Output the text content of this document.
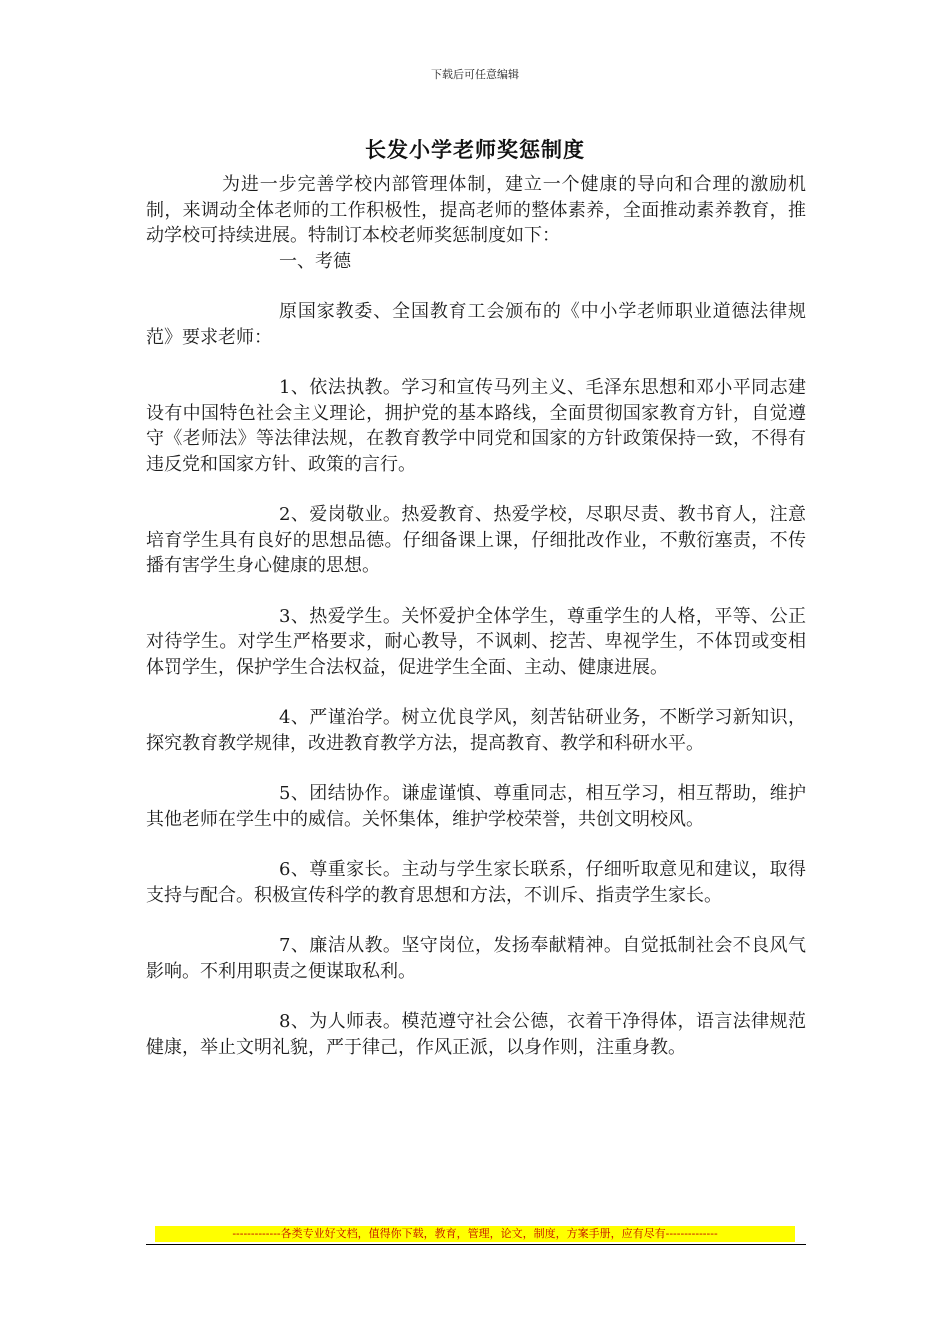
下载后可任意编辑
长发小学老师奖惩制度

为进一步完善学校内部管理体制，建立一个健康的导向和合理的激励机制，来调动全体老师的工作积极性，提高老师的整体素养，全面推动素养教育，推动学校可持续进展。特制订本校老师奖惩制度如下：

一、考德

原国家教委、全国教育工会颁布的《中小学老师职业道德法律规范》要求老师：

1、依法执教。学习和宣传马列主义、毛泽东思想和邓小平同志建设有中国特色社会主义理论，拥护党的基本路线，全面贯彻国家教育方针，自觉遵守《老师法》等法律法规，在教育教学中同党和国家的方针政策保持一致，不得有违反党和国家方针、政策的言行。

2、爱岗敬业。热爱教育、热爱学校，尽职尽责、教书育人，注意培育学生具有良好的思想品德。仔细备课上课，仔细批改作业，不敷衍塞责，不传播有害学生身心健康的思想。

3、热爱学生。关怀爱护全体学生，尊重学生的人格，平等、公正对待学生。对学生严格要求，耐心教导，不讽刺、挖苦、卑视学生，不体罚或变相体罚学生，保护学生合法权益，促进学生全面、主动、健康进展。

4、严谨治学。树立优良学风，刻苦钻研业务，不断学习新知识，探究教育教学规律，改进教育教学方法，提高教育、教学和科研水平。

5、团结协作。谦虚谨慎、尊重同志，相互学习，相互帮助，维护其他老师在学生中的威信。关怀集体，维护学校荣誉，共创文明校风。

6、尊重家长。主动与学生家长联系，仔细听取意见和建议，取得支持与配合。积极宣传科学的教育思想和方法，不训斥、指责学生家长。

7、廉洁从教。坚守岗位，发扬奉献精神。自觉抵制社会不良风气影响。不利用职责之便谋取私利。

8、为人师表。模范遵守社会公德，衣着干净得体，语言法律规范健康，举止文明礼貌，严于律己，作风正派，以身作则，注重身教。

-------------各类专业好文档，值得你下载，教育，管理，论文，制度，方案手册，应有尽有--------------
